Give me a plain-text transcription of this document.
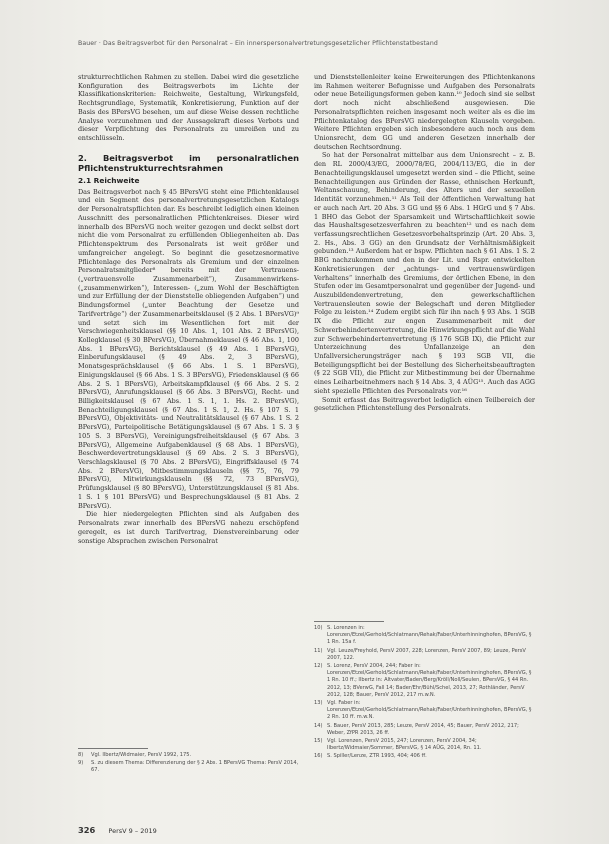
Bauer · Das Beitragsverbot für den Personalrat – Ein innerspersonalvertretungsgesetzlicher Pflichtenstatbestand

strukturrechtlichen Rahmen zu stellen. Dabei wird die gesetzliche Konfiguration des Beitragsverbots im Lichte der Klassifikationskriterien: Reichweite, Gestaltung, Wirkungsfeld, Rechtsgrundlage, Systematik, Konkretisierung, Funktion auf der Basis des BPersVG besehen, um auf diese Weise dessen rechtliche Analyse vorzunehmen und der Aussagekraft dieses Verbots und dieser Verpflichtung des Personalrats zu umreißen und zu entschlüsseln.

2. Beitragsverbot im personalratlichen Pflichtenstrukturrechtsrahmen
2.1 Reichweite

Das Beitragsverbot nach § 45 BPersVG steht eine Pflichtenklausel und ein Segment des personalvertretungsgesetzlichen Katalogs der Personalratspflichten dar. Es beschreibt lediglich einen kleinen Ausschnitt des personalratlichen Pflichtenkreises. Dieser wird innerhalb des BPersVG noch weiter gezogen und deckt selbst dort nicht die vom Personalrat zu erfüllenden Obliegenheiten ab. Das Pflichtenspektrum des Personalrats ist weit größer und umfangreicher angelegt. So beginnt die gesetzesnormative Pflichtenlage des Personalrats als Gremium und der einzelnen Personalratsmitglieder⁸ bereits mit der Vertrauens- („vertrauensvolle Zusammenarbeit“), Zusammenwirkens- („zusammenwirken“), Interessen- („zum Wohl der Beschäftigten und zur Erfüllung der der Dienststelle obliegenden Aufgaben“) und Bindungsformel („unter Beachtung der Gesetze und Tarifverträge“) der Zusammenarbeitsklausel (§ 2 Abs. 1 BPersVG)⁹ und setzt sich im Wesentlichen fort mit der Verschwiegenheitsklausel (§§ 10 Abs. 1, 101 Abs. 2 BPersVG), Kollegklausel (§ 30 BPersVG), Übernahmeklausel (§ 46 Abs. 1, 100 Abs. 1 BPersVG), Berichtsklausel (§ 49 Abs. 1 BPersVG), Einberufungsklausel (§ 49 Abs. 2, 3 BPersVG), Monatsgesprächsklausel (§ 66 Abs. 1 S. 1 BPersVG), Einigungsklausel (§ 66 Abs. 1 S. 3 BPersVG), Friedensklausel (§ 66 Abs. 2 S. 1 BPersVG), Arbeitskampfklausel (§ 66 Abs. 2 S. 2 BPersVG), Anrufungsklausel (§ 66 Abs. 3 BPersVG), Recht- und Billigkeitsklausel (§ 67 Abs. 1 S. 1, 1. Hs. 2. BPersVG), Benachteiligungsklausel (§ 67 Abs. 1 S. 1, 2. Hs. § 107 S. 1 BPersVG), Objektivitäts- und Neutralitätsklausel (§ 67 Abs. 1 S. 2 BPersVG), Parteipolitische Betätigungsklausel (§ 67 Abs. 1 S. 3 § 105 S. 3 BPersVG), Vereinigungsfreiheitsklausel (§ 67 Abs. 3 BPersVG), Allgemeine Aufgabenklausel (§ 68 Abs. 1 BPersVG), Beschwerdevertretungsklausel (§ 69 Abs. 2 S. 3 BPersVG), Verschlagsklausel (§ 70 Abs. 2 BPersVG), Eingriffsklausel (§ 74 Abs. 2 BPersVG), Mitbestimmungsklauseln (§§ 75, 76, 79 BPersVG), Mitwirkungsklauseln (§§ 72, 73 BPersVG), Prüfungsklausel (§ 80 BPersVG), Unterstützungsklausel (§ 81 Abs. 1 S. 1 § 101 BPersVG) und Besprechungsklausel (§ 81 Abs. 2 BPersVG).

Die hier niedergelegten Pflichten sind als Aufgaben des Personalrats zwar innerhalb des BPersVG nahezu erschöpfend geregelt, es ist durch Tarifvertrag, Dienstvereinbarung oder sonstige Absprachen zwischen Personalrat

8)	Vgl. Ilbertz/Widmaier, PersV 1992, 175.
9)	S. zu diesem Thema: Differenzierung der § 2 Abs. 1 BPersVG Thema: PersV 2014, 67.

und Dienststellenleiter keine Erweiterungen des Pflichtenkanons im Rahmen weiterer Befugnisse und Aufgaben des Personalrats oder neue Beteiligungsformen geben kann.¹⁰ Jedoch sind sie selbst dort noch nicht abschließend ausgewiesen. Die Personalratspflichten reichen insgesamt noch weiter als es die im Pflichtenkatalog des BPersVG niedergelegten Klauseln vorgeben. Weitere Pflichten ergeben sich insbesondere auch noch aus dem Unionsrecht, dem GG und anderen Gesetzen innerhalb der deutschen Rechtsordnung.

So hat der Personalrat mittelbar aus dem Unionsrecht – z. B. den RL 2000/43/EG, 2000/78/EG, 2004/113/EG, die in der Benachteiligungsklausel umgesetzt werden sind – die Pflicht, seine Benachteiligungen aus Gründen der Rasse, ethnischen Herkunft, Weltanschauung, Behinderung, des Alters und der sexuellen Identität vorzunehmen.¹¹ Als Teil der öffentlichen Verwaltung hat er auch nach Art. 20 Abs. 3 GG und §§ 6 Abs. 1 HGrG und § 7 Abs. 1 BHO das Gebot der Sparsamkeit und Wirtschaftlichkeit sowie das Haushaltsgesetzesverfahren zu beachten¹² und es nach dem verfassungsrechtlichen Gesetzesvorbehaltsprinzip (Art. 20 Abs. 3, 2. Hs., Abs. 3 GG) an den Grundsatz der Verhältnismäßigkeit gebunden.¹³ Außerdem hat er bspw. Pflichten nach § 61 Abs. 1 S. 2 BBG nachzukommen und den in der Lit. und Rspr. entwickelten Konkretisierungen der „achtungs- und vertrauenswürdigen Verhaltens“ innerhalb des Gremiums, der örtlichen Ebene, in den Stufen oder im Gesamtpersonalrat und gegenüber der Jugend- und Auszubildendenvertretung, den gewerkschaftlichen Vertrauensleuten sowie der Belegschaft und deren Mitglieder Folge zu leisten.¹⁴ Zudem ergibt sich für ihn nach § 93 Abs. 1 SGB IX die Pflicht zur engen Zusammenarbeit mit der Schwerbehindertenvertretung, die Hinwirkungspflicht auf die Wahl zur Schwerbehindertenvertretung (§ 176 SGB IX), die Pflicht zur Unterzeichnung des Unfallanzeige an den Unfallversicherungsträger nach § 193 SGB VII, die Beteiligungspflicht bei der Bestellung des Sicherheitsbeauftragten (§ 22 SGB VII), die Pflicht zur Mitbestimmung bei der Übernahme eines Leiharbeitnehmers nach § 14 Abs. 3, 4 AÜG¹⁵. Auch das AGG sieht spezielle Pflichten des Personalrats vor.¹⁶

Somit erfasst das Beitragsverbot lediglich einen Teilbereich der gesetzlichen Pflichtenstellung des Personalrats.

10) S. Lorenzen in: Lorenzen/Etzel/Gerhold/Schlatmann/Rehak/Faber/Unterhinninghofen, BPersVG, § 1 Rn. 15a f.
11) Vgl. Leuze/Freyhold, PersV 2007, 228; Lorenzen, PersV 2007, 89; Leuze, PersV 2007, 122.
12) S. Lorenz, PersV 2004, 244; Faber in: Lorenzen/Etzel/Gerhold/Schlatmann/Rehak/Faber/Unterhinninghofen, BPersVG, § 1 Rn. 10 ff.; Ilbertz in: Altvater/Baden/Berg/Kröll/Noll/Seulen, BPersVG, § 44 Rn. 2012, 13; BVerwG, Fall 14; Bader/Ehr/Bühl/Schel, 2013, 27; Rothländer, PersV 2012, 128; Bauer, PersV 2012, 217 m.w.N.
13) Vgl. Faber in: Lorenzen/Etzel/Gerhold/Schlatmann/Rehak/Faber/Unterhinninghofen, BPersVG, § 2 Rn. 10 ff. m.w.N.
14) S. Bauer, PersV 2013, 285; Leuze, PersV 2014, 45; Bauer, PersV 2012, 217; Weber, ZfPR 2013, 26 ff.
15) Vgl. Lorenzen, PersV 2015, 247; Lorenzen, PersV 2004, 34; Ilbertz/Widmaier/Sommer, BPersVG, § 14 AÜG, 2014, Rn. 11.
16) S. Spiller/Lenze, ZTR 1993, 404; 406 ff.
326 PersV 9 – 2019
